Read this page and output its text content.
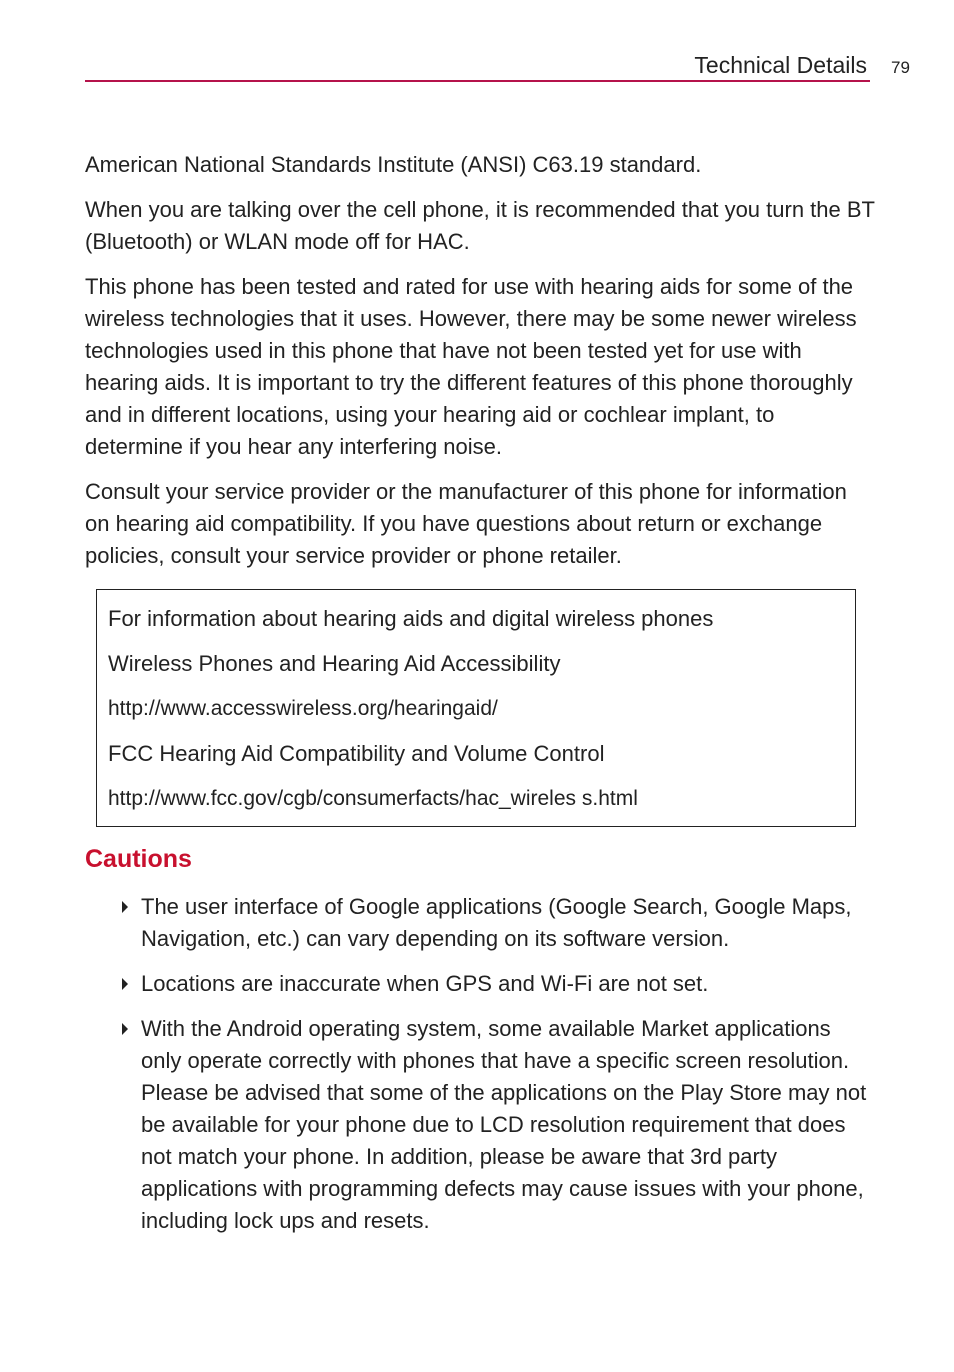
Technical Details 79

American National Standards Institute (ANSI) C63.19 standard.

When you are talking over the cell phone, it is recommended that you turn the BT (Bluetooth) or WLAN mode off for HAC.

This phone has been tested and rated for use with hearing aids for some of the wireless technologies that it uses. However, there may be some newer wireless technologies used in this phone that have not been tested yet for use with hearing aids. It is important to try the different features of this phone thoroughly and in different locations, using your hearing aid or cochlear implant, to determine if you hear any interfering noise.

Consult your service provider or the manufacturer of this phone for information on hearing aid compatibility. If you have questions about return or exchange policies, consult your service provider or phone retailer.

For information about hearing aids and digital wireless phones
Wireless Phones and Hearing Aid Accessibility
http://www.accesswireless.org/hearingaid/
FCC Hearing Aid Compatibility and Volume Control
http://www.fcc.gov/cgb/consumerfacts/hac_wireles s.html
Cautions
The user interface of Google applications (Google Search, Google Maps, Navigation, etc.) can vary depending on its software version.
Locations are inaccurate when GPS and Wi-Fi are not set.
With the Android operating system, some available Market applications only operate correctly with phones that have a specific screen resolution.
Please be advised that some of the applications on the Play Store may not be available for your phone due to LCD resolution requirement that does not match your phone. In addition, please be aware that 3rd party applications with programming defects may cause issues with your phone, including lock ups and resets.
